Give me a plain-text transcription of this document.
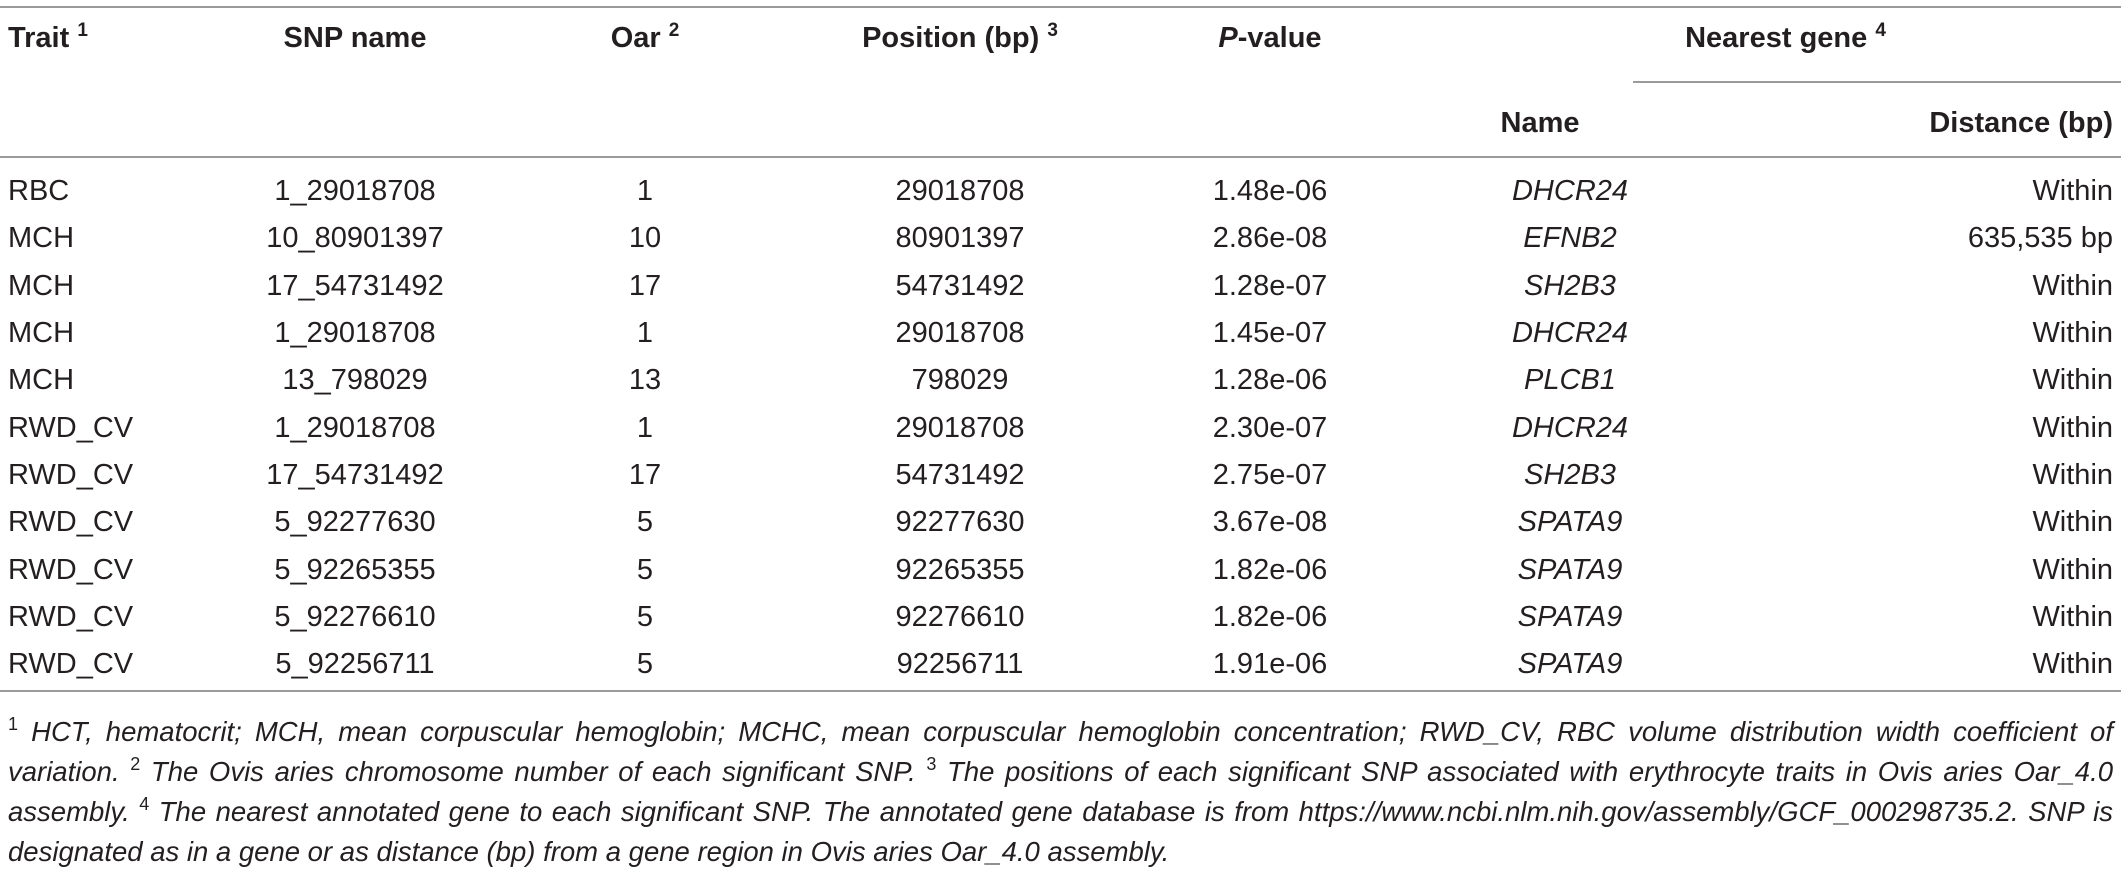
Trait $^1$	SNP name	Oar $^2$	Position (bp) $^3$	P-value	Nearest gene $^4$
					Name	Distance (bp)
RBC	1_29018708	1	29018708	1.48e-06	DHCR24	Within
MCH	10_80901397	10	80901397	2.86e-08	EFNB2	635,535 bp
MCH	17_54731492	17	54731492	1.28e-07	SH2B3	Within
MCH	1_29018708	1	29018708	1.45e-07	DHCR24	Within
MCH	13_798029	13	798029	1.28e-06	PLCB1	Within
RWD_CV	1_29018708	1	29018708	2.30e-07	DHCR24	Within
RWD_CV	17_54731492	17	54731492	2.75e-07	SH2B3	Within
RWD_CV	5_92277630	5	92277630	3.67e-08	SPATA9	Within
RWD_CV	5_92265355	5	92265355	1.82e-06	SPATA9	Within
RWD_CV	5_92276610	5	92276610	1.82e-06	SPATA9	Within
RWD_CV	5_92256711	5	92256711	1.91e-06	SPATA9	Within
$^1$ HCT, hematocrit; MCH, mean corpuscular hemoglobin; MCHC, mean corpuscular hemoglobin concentration; RWD_CV, RBC volume distribution width coefficient of variation. $^2$ The Ovis aries chromosome number of each significant SNP. $^3$ The positions of each significant SNP associated with erythrocyte traits in Ovis aries Oar_4.0 assembly. $^4$ The nearest annotated gene to each significant SNP. The annotated gene database is from https://www.ncbi.nlm.nih.gov/assembly/GCF_000298735.2. SNP is designated as in a gene or as distance (bp) from a gene region in Ovis aries Oar_4.0 assembly.
